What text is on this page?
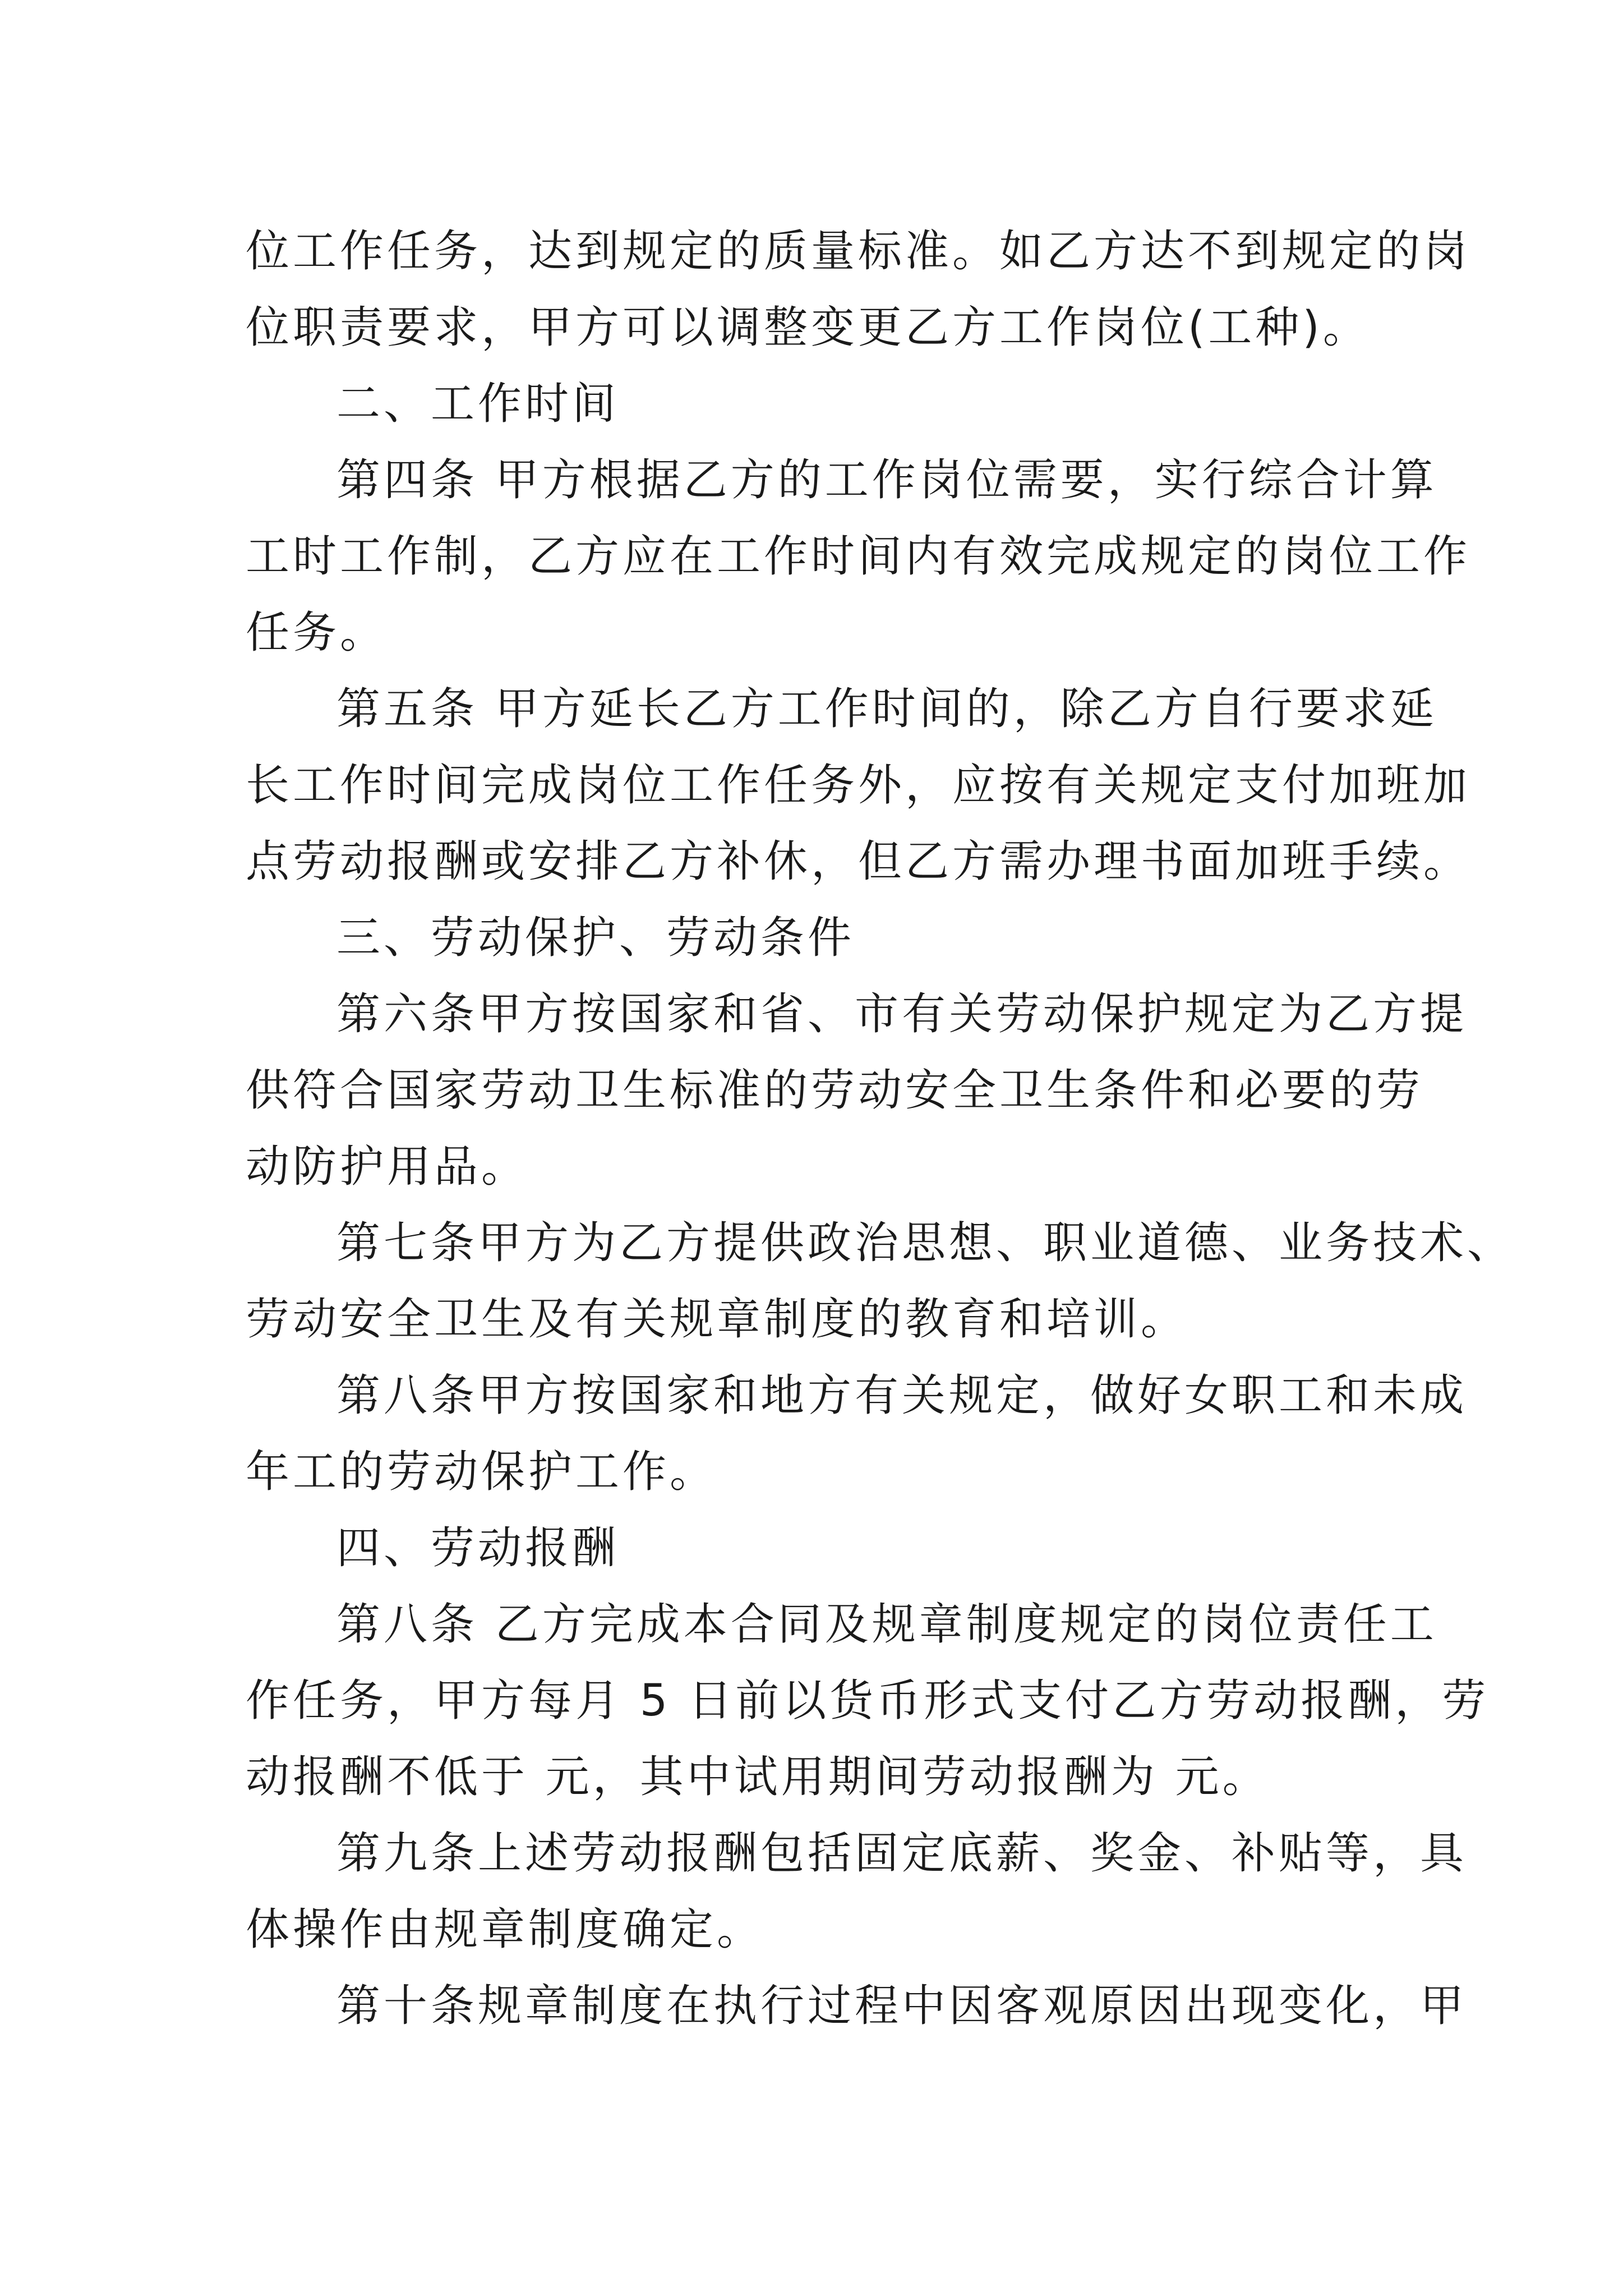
位工作任务，达到规定的质量标准。如乙方达不到规定的岗
位职责要求，甲方可以调整变更乙方工作岗位(工种)。
二、工作时间
第四条 甲方根据乙方的工作岗位需要，实行综合计算
工时工作制，乙方应在工作时间内有效完成规定的岗位工作
任务。
第五条 甲方延长乙方工作时间的，除乙方自行要求延
长工作时间完成岗位工作任务外，应按有关规定支付加班加
点劳动报酬或安排乙方补休，但乙方需办理书面加班手续。
三、劳动保护、劳动条件
第六条甲方按国家和省、市有关劳动保护规定为乙方提
供符合国家劳动卫生标准的劳动安全卫生条件和必要的劳
动防护用品。
第七条甲方为乙方提供政治思想、职业道德、业务技术、
劳动安全卫生及有关规章制度的教育和培训。
第八条甲方按国家和地方有关规定，做好女职工和未成
年工的劳动保护工作。
四、劳动报酬
第八条 乙方完成本合同及规章制度规定的岗位责任工
作任务，甲方每月 5 日前以货币形式支付乙方劳动报酬，劳
动报酬不低于 元，其中试用期间劳动报酬为 元。
第九条上述劳动报酬包括固定底薪、奖金、补贴等，具
体操作由规章制度确定。
第十条规章制度在执行过程中因客观原因出现变化，甲
